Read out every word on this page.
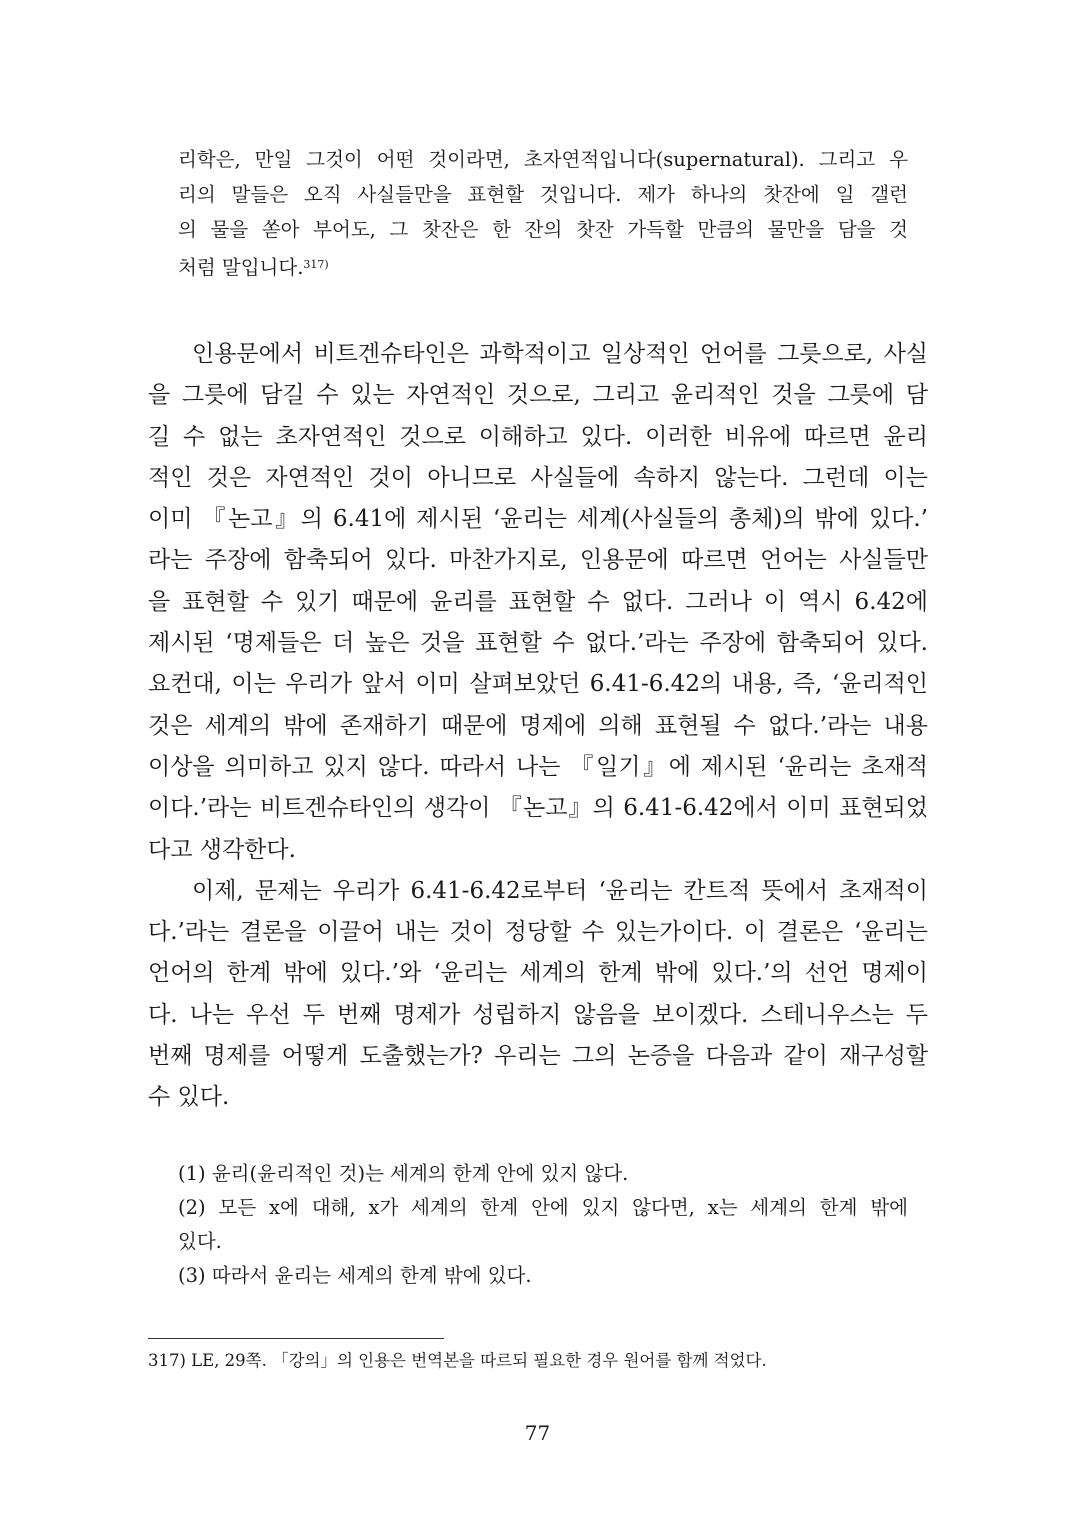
리학은, 만일 그것이 어떤 것이라면, 초자연적입니다(supernatural). 그리고 우
리의 말들은 오직 사실들만을 표현할 것입니다. 제가 하나의 찻잔에 일 갤런
의 물을 쏟아 부어도, 그 찻잔은 한 잔의 찻잔 가득할 만큼의 물만을 담을 것
처럼 말입니다.$^{317)}$
인용문에서 비트겐슈타인은 과학적이고 일상적인 언어를 그릇으로, 사실
을 그릇에 담길 수 있는 자연적인 것으로, 그리고 윤리적인 것을 그릇에 담
길 수 없는 초자연적인 것으로 이해하고 있다. 이러한 비유에 따르면 윤리
적인 것은 자연적인 것이 아니므로 사실들에 속하지 않는다. 그런데 이는
이미 『논고』의 6.41에 제시된 ‘윤리는 세계(사실들의 총체)의 밖에 있다.’
라는 주장에 함축되어 있다. 마찬가지로, 인용문에 따르면 언어는 사실들만
을 표현할 수 있기 때문에 윤리를 표현할 수 없다. 그러나 이 역시 6.42에
제시된 ‘명제들은 더 높은 것을 표현할 수 없다.’라는 주장에 함축되어 있다.
요컨대, 이는 우리가 앞서 이미 살펴보았던 6.41-6.42의 내용, 즉, ‘윤리적인
것은 세계의 밖에 존재하기 때문에 명제에 의해 표현될 수 없다.’라는 내용
이상을 의미하고 있지 않다. 따라서 나는 『일기』에 제시된 ‘윤리는 초재적
이다.’라는 비트겐슈타인의 생각이 『논고』의 6.41-6.42에서 이미 표현되었
다고 생각한다.
이제, 문제는 우리가 6.41-6.42로부터 ‘윤리는 칸트적 뜻에서 초재적이
다.’라는 결론을 이끌어 내는 것이 정당할 수 있는가이다. 이 결론은 ‘윤리는
언어의 한계 밖에 있다.’와 ‘윤리는 세계의 한계 밖에 있다.’의 선언 명제이
다. 나는 우선 두 번째 명제가 성립하지 않음을 보이겠다. 스테니우스는 두
번째 명제를 어떻게 도출했는가? 우리는 그의 논증을 다음과 같이 재구성할
수 있다.
(1) 윤리(윤리적인 것)는 세계의 한계 안에 있지 않다.
(2) 모든 x에 대해, x가 세계의 한계 안에 있지 않다면, x는 세계의 한계 밖에
있다.
(3) 따라서 윤리는 세계의 한계 밖에 있다.
317) LE, 29쪽. 「강의」의 인용은 번역본을 따르되 필요한 경우 원어를 함께 적었다.
77
